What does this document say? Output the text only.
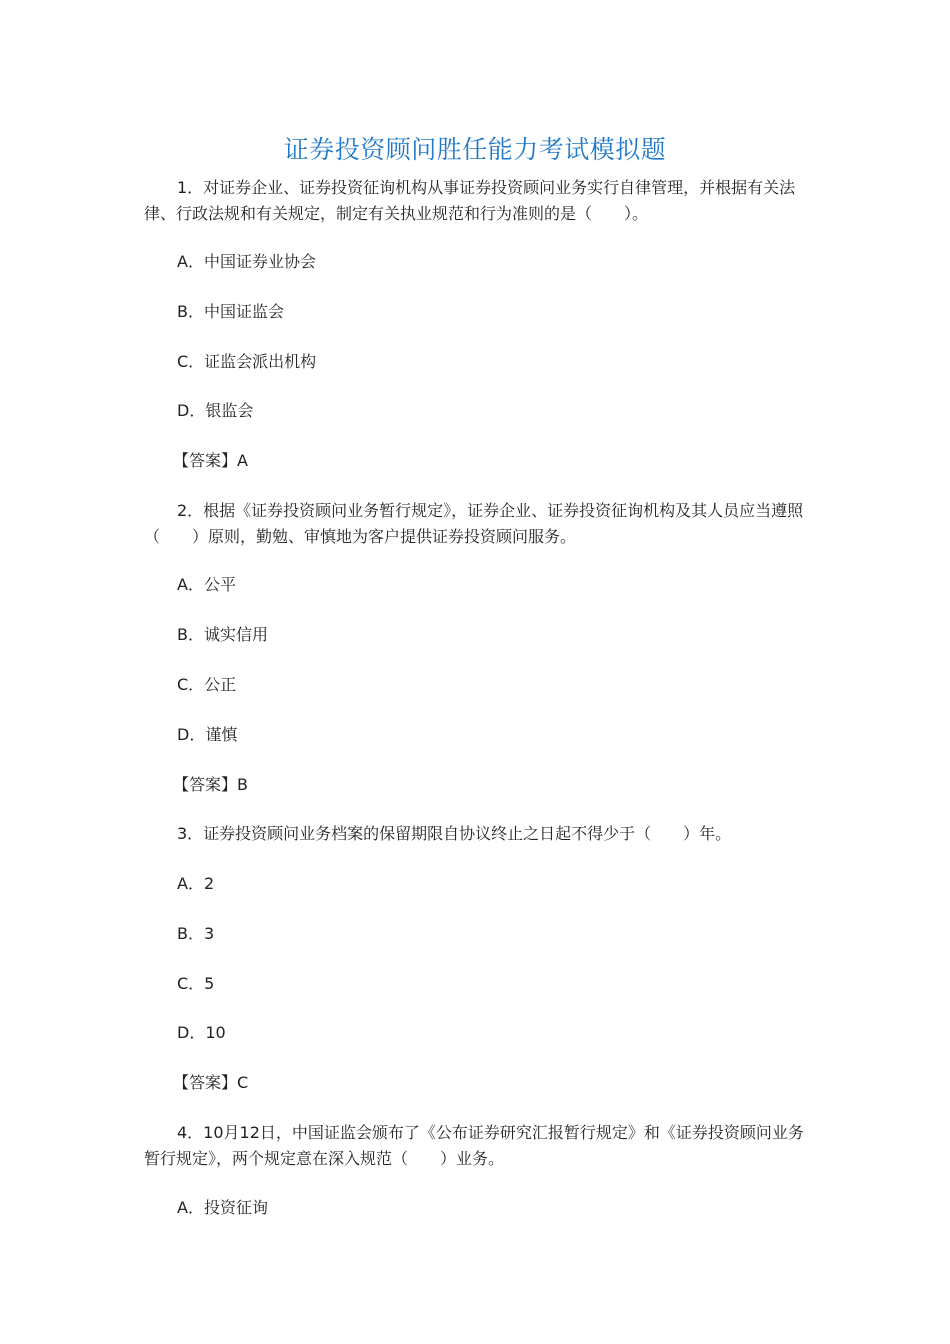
证券投资顾问胜任能力考试模拟题
1．对证券企业、证券投资征询机构从事证券投资顾问业务实行自律管理，并根据有关法律、行政法规和有关规定，制定有关执业规范和行为准则的是（　　）。
A．中国证券业协会
B．中国证监会
C．证监会派出机构
D．银监会
【答案】A
2．根据《证券投资顾问业务暂行规定》，证券企业、证券投资征询机构及其人员应当遵照（　　）原则，勤勉、审慎地为客户提供证券投资顾问服务。
A．公平
B．诚实信用
C．公正
D．谨慎
【答案】B
3．证券投资顾问业务档案的保留期限自协议终止之日起不得少于（　　）年。
A．2
B．3
C．5
D．10
【答案】C
4．10月12日，中国证监会颁布了《公布证券研究汇报暂行规定》和《证券投资顾问业务暂行规定》，两个规定意在深入规范（　　）业务。
A．投资征询
